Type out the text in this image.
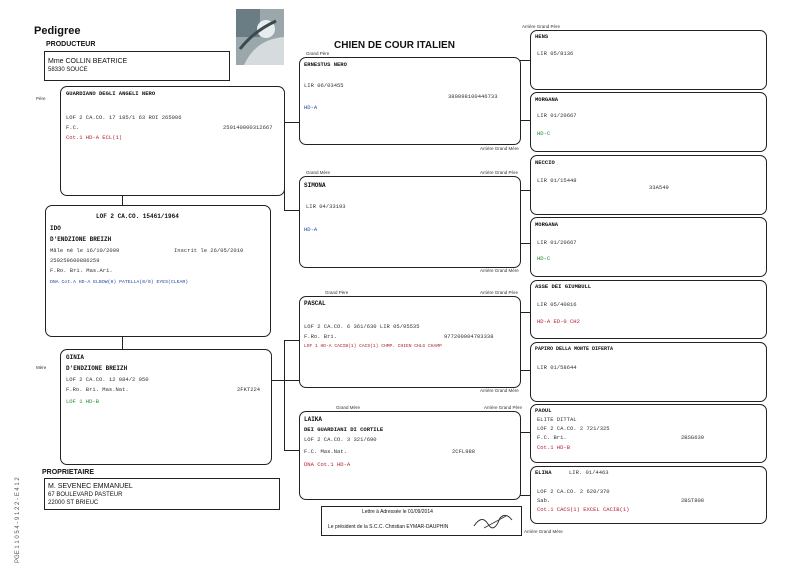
Pedigree
PRODUCTEUR
Mme COLLIN BEATRICE
58330 SOUCE
CHIEN DE COUR ITALIEN
Père
GUARDIANO DEGLI ANGELI NERO
LOF 2 CA.CO. 17 185/1 63 ROI 265006
F.C.	250140000312667
Cot.1 HD-A ECL(1)
LOF 2 CA.CO. 15461/1964
IDO
D'ENDZIONE BREIZH
Mâle né le 16/10/2009	Inscrit le 26/05/2010
250259600886259
F.Ro. Bri. Mas.Ari.
DNA Cot.A HD-A ELBOW(0) PATELLA(0/0) EYES(CLEAR)
Mère
GINIA
D'ENDZIONE BREIZH
LOF 2 CA.CO. 12 084/2 050
F.Ro. Bri. Mas.Nat.	2FKT224
LOF 1 HD-B
PROPRIETAIRE
M. SEVENEC EMMANUEL
67 BOULEVARD PASTEUR
22000 ST BRIEUC
PGE 1 1 0 5 4 - 9 1 2 2 - E 4 1 2
Grand Père
ERNESTUS NERO
LIR 06/03455
380098100446733
HD-A
Arrière Grand Mère
Grand Mère	Arrière Grand Père
SIMONA
LIR 04/33193
HD-A
Arrière Grand Mère
Grand Père	Arrière Grand Père
PASCAL
LOF 2 CA.CO. 6 361/630 LIR 05/95535
F.Ro. Bri.	977200004703338
LOF 1 HD-A CACIB(1) CACS(1) CHMP. CHIEN CHLG CHAMP
Arrière Grand Mère
Grand Mère	Arrière Grand Père
LAIKA
DEI GUARDIANI DI CORTILE
LOF 2 CA.CO. 3 321/690
F.C. Mas.Nat.	2CFL988
DNA Cot.1 HD-A
Arrière Grand Père
HENS
LIR 05/8136
MORGANA
LIR 01/20667
HD-C
NECCIO
LIR 01/15448
33A549
MORGANA
LIR 01/20667
HD-C
ASSE DEI GIUMBULL
LIR 05/40816
HD-A ED-0 CH2
PAPIRO DELLA MONTE DIFERTA
LIR 01/58644
PAOUL
ELITE DITTAL
LOF 2 CA.CO. 2 721/325
F.C. Bri.	2BSG639
Cot.1 HD-B
ELINA	LIR. 01/4463
LOF 2 CA.CO. 2 620/370
Sab.	2BST808
Cot.1 CACS(1) EXCEL CACIB(1)
Arrière Grand Mère
Lettre à Adressée le 01/09/2014
Le président de la S.C.C. Christian EYMAR-DAUPHIN
